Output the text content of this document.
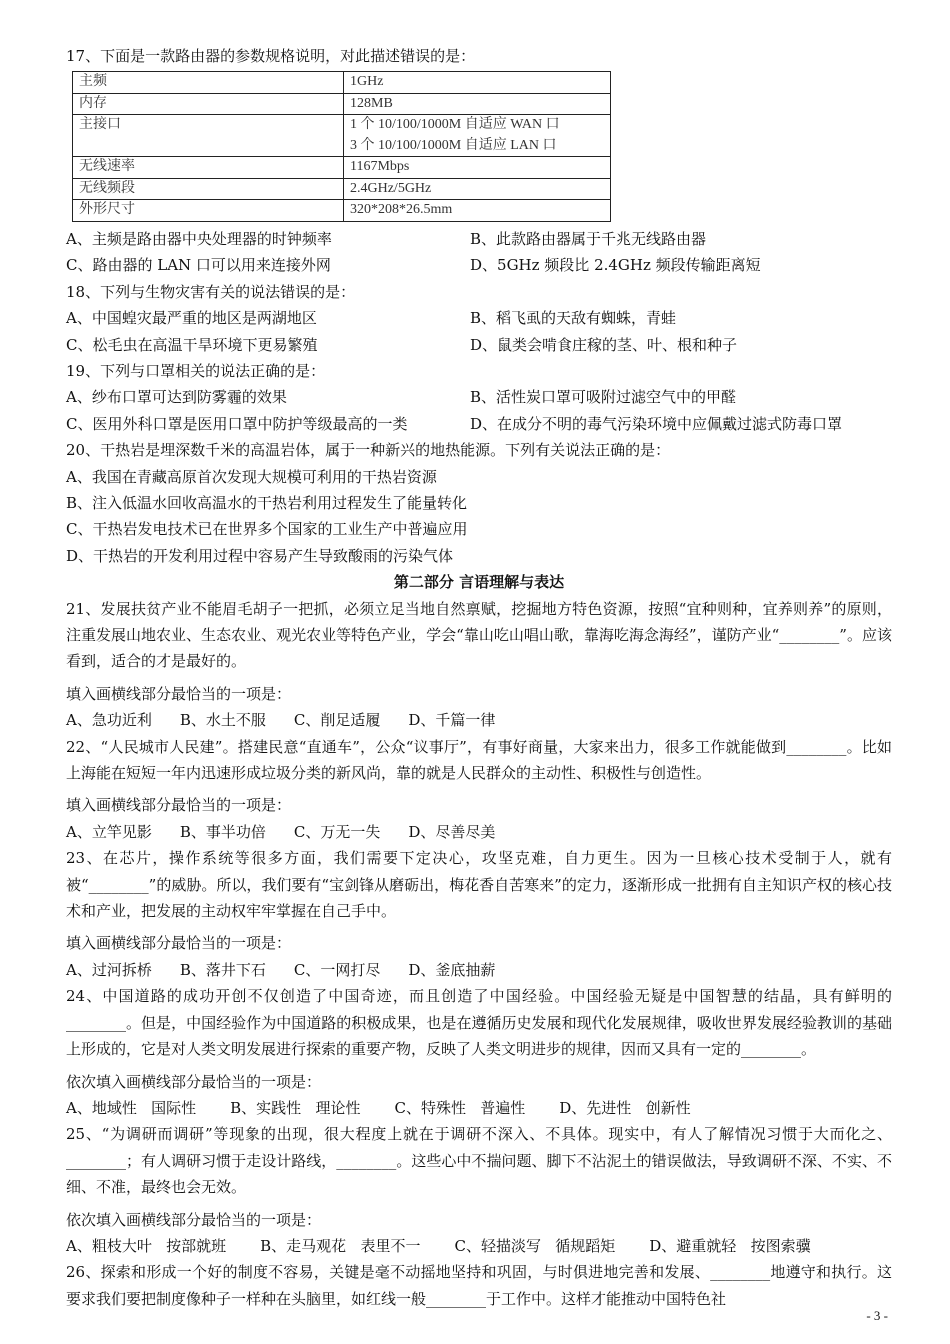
17、下面是一款路由器的参数规格说明，对此描述错误的是：
主频	1GHz
内存	128MB
主接口	1 个 10/100/1000M 自适应 WAN 口
3 个 10/100/1000M 自适应 LAN 口

无线速率	1167Mbps
无线频段	2.4GHz/5GHz
外形尺寸	320*208*26.5mm
A、主频是路由器中央处理器的时钟频率	B、此款路由器属于千兆无线路由器
C、路由器的 LAN 口可以用来连接外网	D、5GHz 频段比 2.4GHz 频段传输距离短
18、下列与生物灾害有关的说法错误的是：
A、中国蝗灾最严重的地区是两湖地区	B、稻飞虱的天敌有蜘蛛，青蛙
C、松毛虫在高温干旱环境下更易繁殖	D、鼠类会啃食庄稼的茎、叶、根和种子
19、下列与口罩相关的说法正确的是：
A、纱布口罩可达到防雾霾的效果	B、活性炭口罩可吸附过滤空气中的甲醛
C、医用外科口罩是医用口罩中防护等级最高的一类	D、在成分不明的毒气污染环境中应佩戴过滤式防毒口罩
20、干热岩是埋深数千米的高温岩体，属于一种新兴的地热能源。下列有关说法正确的是：
A、我国在青藏高原首次发现大规模可利用的干热岩资源
B、注入低温水回收高温水的干热岩利用过程发生了能量转化
C、干热岩发电技术已在世界多个国家的工业生产中普遍应用
D、干热岩的开发利用过程中容易产生导致酸雨的污染气体
第二部分 言语理解与表达
21、发展扶贫产业不能眉毛胡子一把抓，必须立足当地自然禀赋，挖掘地方特色资源，按照“宜种则种，宜养则养”的原则，注重发展山地农业、生态农业、观光农业等特色产业，学会“靠山吃山唱山歌，靠海吃海念海经”，谨防产业“________”。应该看到，适合的才是最好的。
填入画横线部分最恰当的一项是：
A、急功近利 B、水土不服 C、削足适履 D、千篇一律
22、“人民城市人民建”。搭建民意“直通车”，公众“议事厅”，有事好商量，大家来出力，很多工作就能做到________。比如上海能在短短一年内迅速形成垃圾分类的新风尚，靠的就是人民群众的主动性、积极性与创造性。
填入画横线部分最恰当的一项是：
A、立竿见影 B、事半功倍 C、万无一失 D、尽善尽美
23、在芯片，操作系统等很多方面，我们需要下定决心，攻坚克难，自力更生。因为一旦核心技术受制于人，就有被“________”的威胁。所以，我们要有“宝剑锋从磨砺出，梅花香自苦寒来”的定力，逐渐形成一批拥有自主知识产权的核心技术和产业，把发展的主动权牢牢掌握在自己手中。
填入画横线部分最恰当的一项是：
A、过河拆桥 B、落井下石 C、一网打尽 D、釜底抽薪
24、中国道路的成功开创不仅创造了中国奇迹，而且创造了中国经验。中国经验无疑是中国智慧的结晶，具有鲜明的________。但是，中国经验作为中国道路的积极成果，也是在遵循历史发展和现代化发展规律，吸收世界发展经验教训的基础上形成的，它是对人类文明发展进行探索的重要产物，反映了人类文明进步的规律，因而又具有一定的________。
依次填入画横线部分最恰当的一项是：
A、地域性   国际性 B、实践性   理论性 C、特殊性   普遍性 D、先进性   创新性
25、“为调研而调研”等现象的出现，很大程度上就在于调研不深入、不具体。现实中，有人了解情况习惯于大而化之、________；有人调研习惯于走设计路线，________。这些心中不揣问题、脚下不沾泥土的错误做法，导致调研不深、不实、不细、不准，最终也会无效。
依次填入画横线部分最恰当的一项是：
A、粗枝大叶   按部就班 B、走马观花   表里不一 C、轻描淡写   循规蹈矩 D、避重就轻   按图索骥
26、探索和形成一个好的制度不容易，关键是毫不动摇地坚持和巩固，与时俱进地完善和发展、________地遵守和执行。这要求我们要把制度像种子一样种在头脑里，如红线一般________于工作中。这样才能推动中国特色社
- 3 -
